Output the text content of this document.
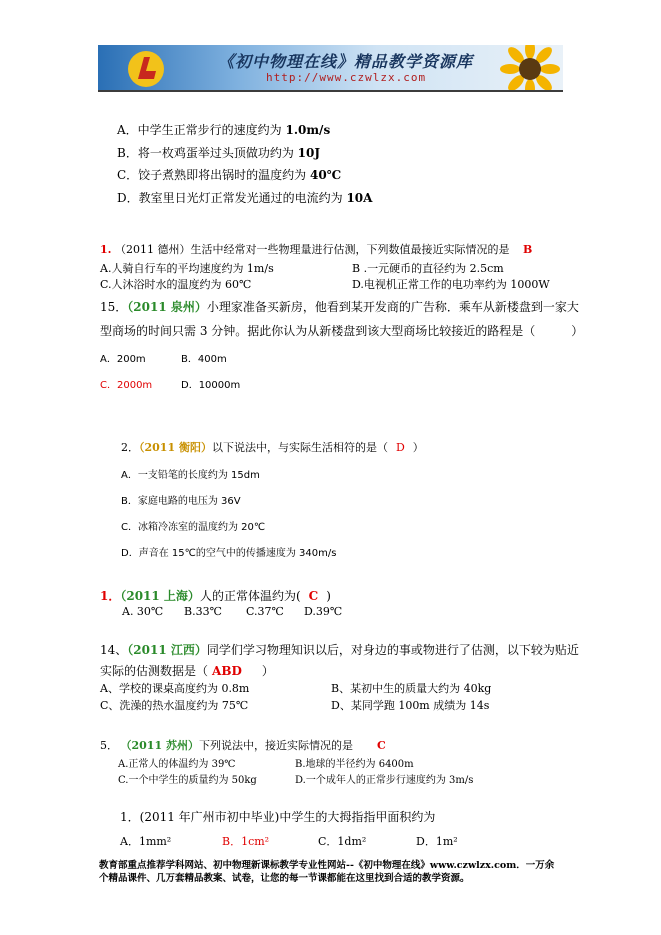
《初中物理在线》精品教学资源库
http://www.czwlzx.com
A．中学生正常步行的速度约为 1.0m/s
B．将一枚鸡蛋举过头顶做功约为 10J
C．饺子煮熟即将出锅时的温度约为 40℃
D．教室里日光灯正常发光通过的电流约为 10A
1. （2011 德州）生活中经常对一些物理量进行估测，下列数值最接近实际情况的是 B
A.人骑自行车的平均速度约为 1m/s	B .一元硬币的直径约为 2.5cm
C.人沐浴时水的温度约为 60℃	D.电视机正常工作的电功率约为 1000W
15．（2011 泉州）小理家准备买新房，他看到某开发商的广告称．乘车从新楼盘到一家大
型商场的时间只需 3 分钟。据此你认为从新楼盘到该大型商场比较接近的路程是（　　　）
A．200m	B．400m
C．2000m	D．10000m
2．（2011 衡阳）以下说法中，与实际生活相符的是（ D ）
A．一支铅笔的长度约为 15dm
B．家庭电路的电压为 36V
C．冰箱冷冻室的温度约为 20℃
D．声音在 15℃的空气中的传播速度为 340m/s
1．（2011 上海）人的正常体温约为( C )
A. 30℃ B.33℃ C.37℃ D.39℃
14、（2011 江西）同学们学习物理知识以后，对身边的事或物进行了估测，以下较为贴近
实际的估测数据是（ ABD ）
A、学校的课桌高度约为 0.8m	B、某初中生的质量大约为 40kg
C、洗澡的热水温度约为 75℃	D、某同学跑 100m 成绩为 14s
5． （2011 苏州）下列说法中，接近实际情况的是 C
A.正常人的体温约为 39℃	B.地球的半径约为 6400m
C.一个中学生的质量约为 50kg	D.一个成年人的正常步行速度约为 3m/s
1．(2011 年广州市初中毕业)中学生的大拇指指甲面积约为
A．1mm²	B．1cm²	C．1dm²	D．1m²
教育部重点推荐学科网站、初中物理新课标教学专业性网站--《初中物理在线》www.czwlzx.com．一万余
个精品课件、几万套精品教案、试卷，让您的每一节课都能在这里找到合适的教学资源。
